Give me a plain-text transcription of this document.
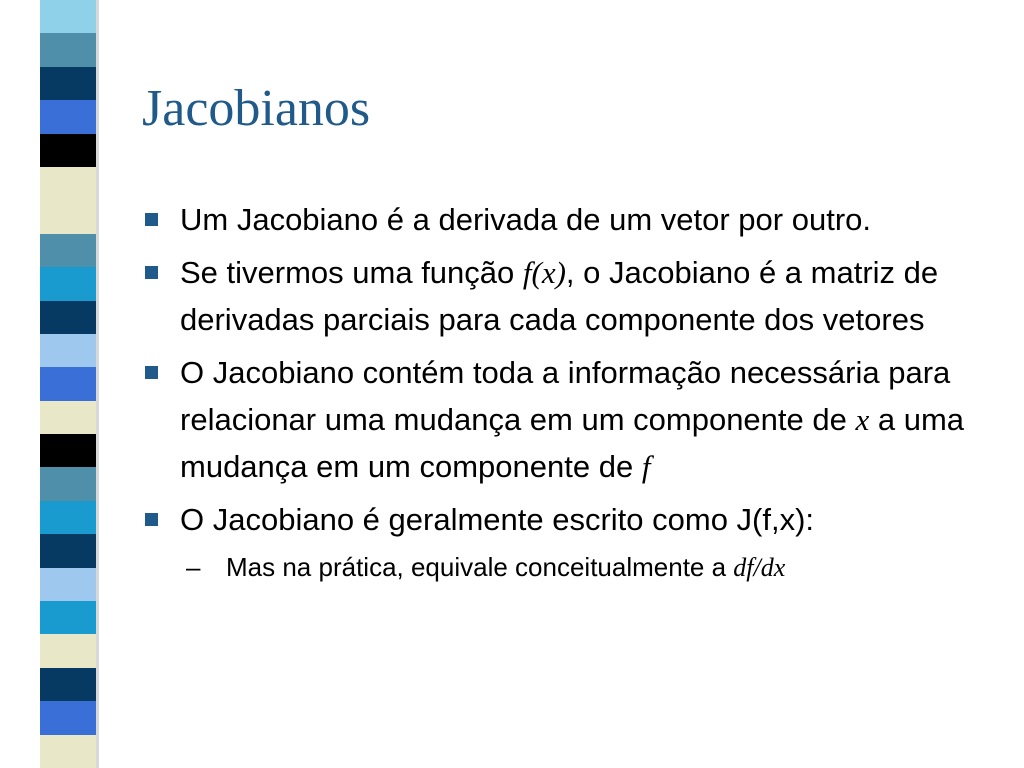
Jacobianos
Um Jacobiano é a derivada de um vetor por outro.
Se tivermos uma função f(x), o Jacobiano é a matriz de derivadas parciais para cada componente dos vetores
O Jacobiano contém toda a informação necessária para relacionar uma mudança em um componente de x a uma mudança em um componente de f
O Jacobiano é geralmente escrito como J(f,x):
– Mas na prática, equivale conceitualmente a df/dx
